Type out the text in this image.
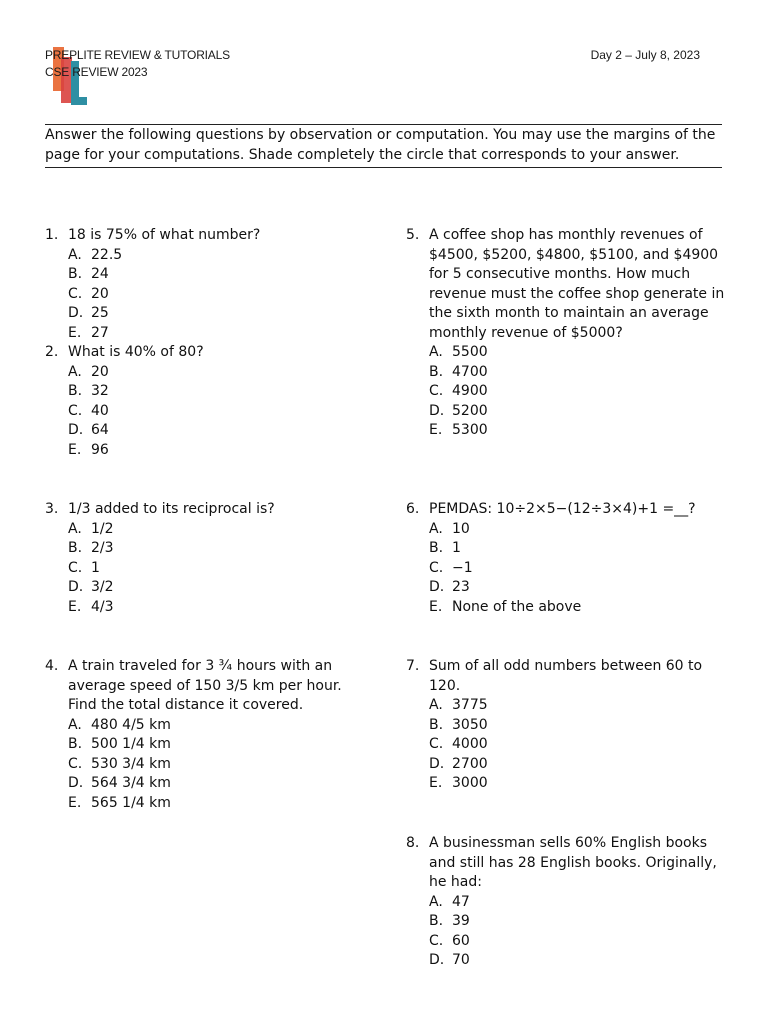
PREPLITE REVIEW & TUTORIALS
CSE REVIEW 2023
Day 2 – July 8, 2023
Answer the following questions by observation or computation. You may use the margins of the page for your computations. Shade completely the circle that corresponds to your answer.
1. 18 is 75% of what number?
A. 22.5
B. 24
C. 20
D. 25
E. 27
2. What is 40% of 80?
A. 20
B. 32
C. 40
D. 64
E. 96
3. 1/3 added to its reciprocal is?
A. 1/2
B. 2/3
C. 1
D. 3/2
E. 4/3
4. A train traveled for 3 ¾ hours with an average speed of 150 3/5 km per hour. Find the total distance it covered.
A. 480 4/5 km
B. 500 1/4 km
C. 530 3/4 km
D. 564 3/4 km
E. 565 1/4 km
5. A coffee shop has monthly revenues of $4500, $5200, $4800, $5100, and $4900 for 5 consecutive months. How much revenue must the coffee shop generate in the sixth month to maintain an average monthly revenue of $5000?
A. 5500
B. 4700
C. 4900
D. 5200
E. 5300
6. PEMDAS: 10÷2×5−(12÷3×4)+1 =__?
A. 10
B. 1
C. −1
D. 23
E. None of the above
7. Sum of all odd numbers between 60 to 120.
A. 3775
B. 3050
C. 4000
D. 2700
E. 3000
8. A businessman sells 60% English books and still has 28 English books. Originally, he had:
A. 47
B. 39
C. 60
D. 70
